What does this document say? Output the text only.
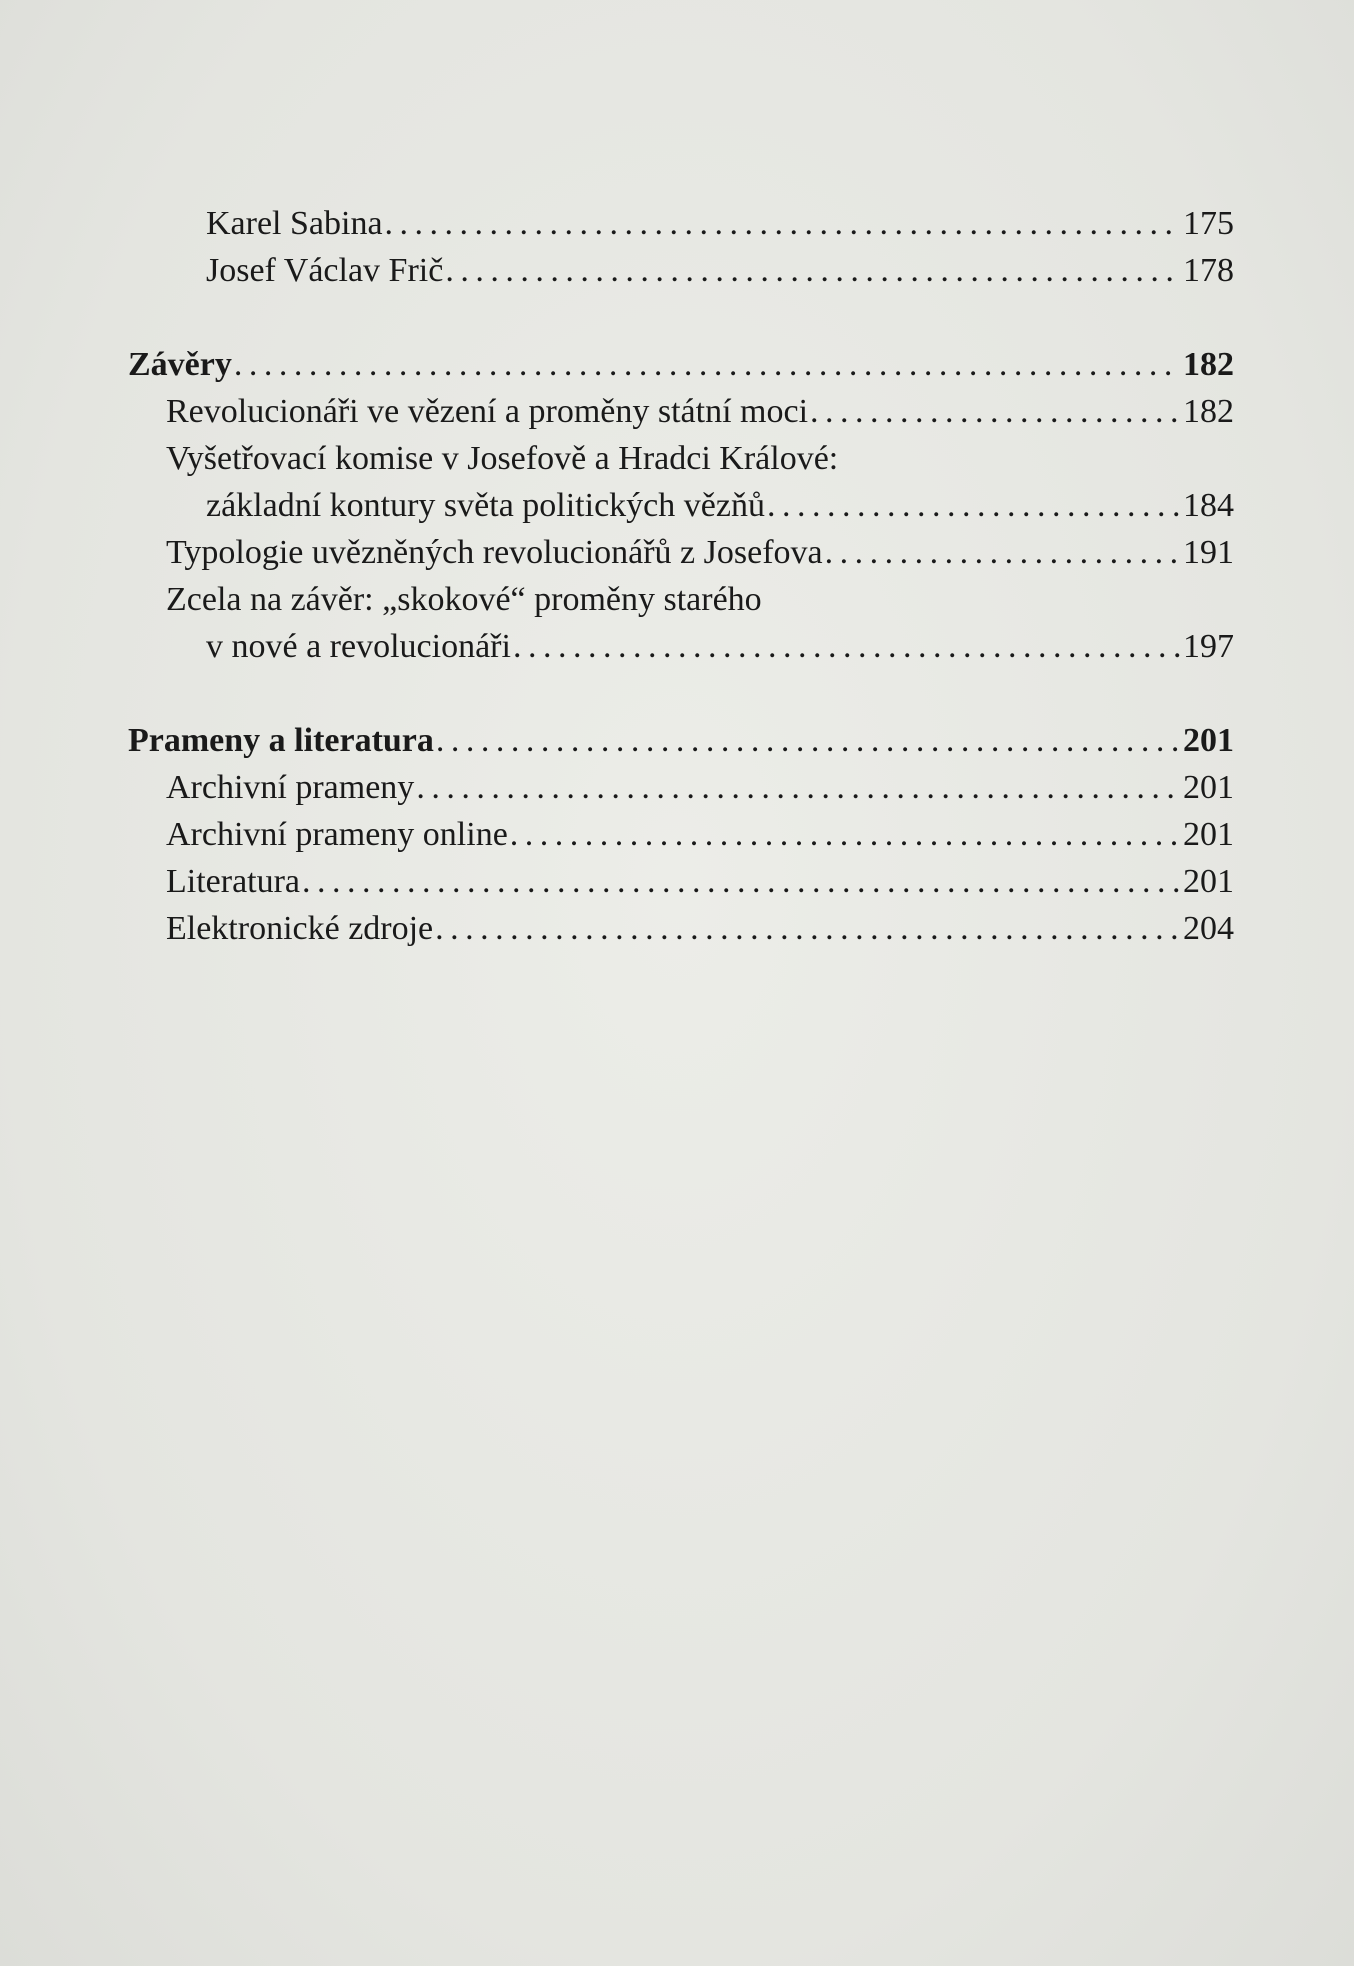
Karel Sabina . . .	175
Josef Václav Frič . . .	178
Závěry . . .	182
Revolucionáři ve vězení a proměny státní moci . . .	182
Vyšetřovací komise v Josefově a Hradci Králové:
základní kontury světa politických vězňů . . .	184
Typologie uvězněných revolucionářů z Josefova . . .	191
Zcela na závěr: „skokové“ proměny starého
v nové a revolucionáři . . .	197
Prameny a literatura . . .	201
Archivní prameny . . .	201
Archivní prameny online . . .	201
Literatura . . .	201
Elektronické zdroje . . .	204
